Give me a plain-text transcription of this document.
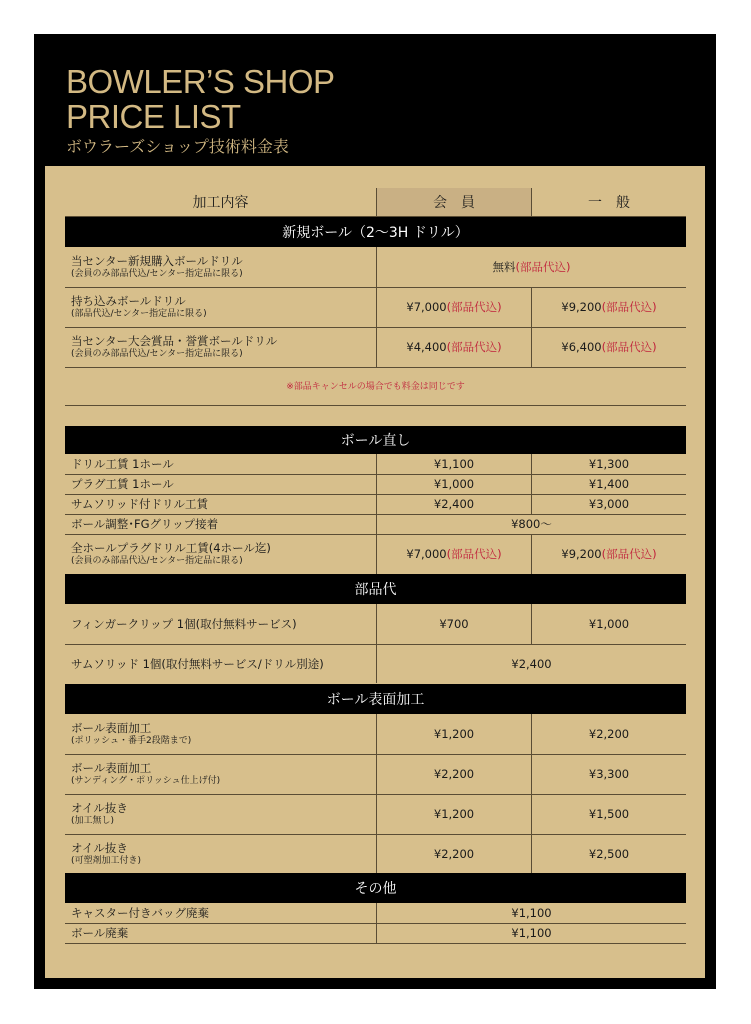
BOWLER’S SHOP
PRICE LIST
ボウラーズショップ技術料金表
加工内容	会　員	一　般
新規ボール（2～3H ドリル）
当センター新規購入ボールドリル
(会員のみ部品代込/センター指定品に限る)	無料(部品代込)
持ち込みボールドリル
(部品代込/センター指定品に限る)	¥7,000(部品代込)	¥9,200(部品代込)
当センター大会賞品・誉賞ボールドリル
(会員のみ部品代込/センター指定品に限る)	¥4,400(部品代込)	¥6,400(部品代込)
※部品キャンセルの場合でも料金は同じです
ボール直し
ドリル工賃 1ホール	¥1,100	¥1,300
プラグ工賃 1ホール	¥1,000	¥1,400
サムソリッド付ドリル工賃	¥2,400	¥3,000
ボール調整･FGグリップ接着	¥800～
全ホールプラグドリル工賃(4ホール迄)
(会員のみ部品代込/センター指定品に限る)	¥7,000(部品代込)	¥9,200(部品代込)
部品代
フィンガークリップ 1個(取付無料サービス)	¥700	¥1,000
サムソリッド 1個(取付無料サービス/ドリル別途)	¥2,400
ボール表面加工
ボール表面加工
(ポリッシュ・番手2段階まで)	¥1,200	¥2,200
ボール表面加工
(サンディング・ポリッシュ仕上げ付)	¥2,200	¥3,300
オイル抜き
(加工無し)	¥1,200	¥1,500
オイル抜き
(可塑剤加工付き)	¥2,200	¥2,500
その他
キャスター付きバッグ廃棄	¥1,100
ボール廃棄	¥1,100
